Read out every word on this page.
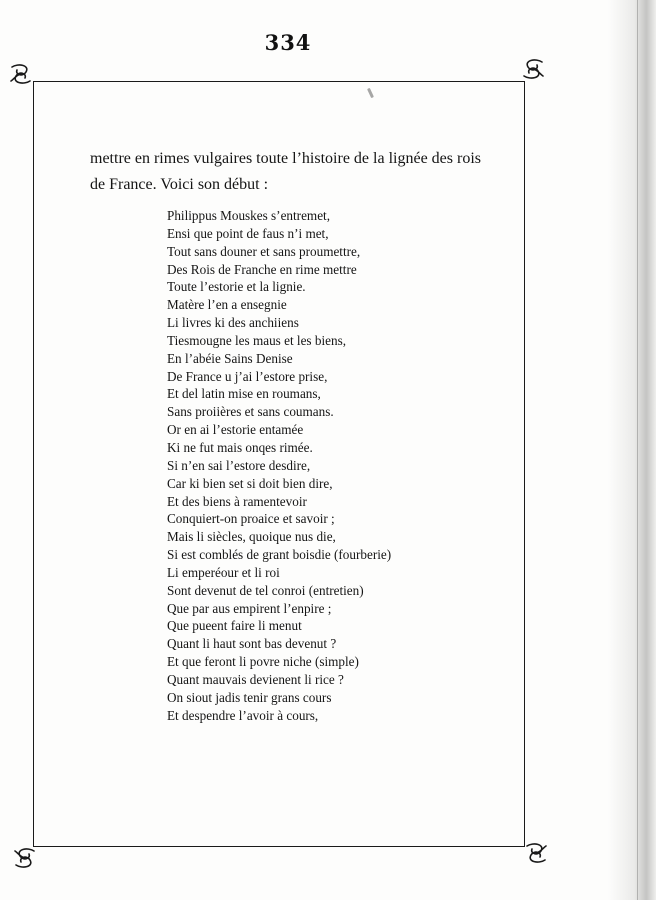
334

mettre en rimes vulgaires toute l’histoire de la lignée des rois

de France. Voici son début :

Philippus Mouskes s’entremet,
Ensi que point de faus n’i met,
Tout sans douner et sans proumettre,
Des Rois de Franche en rime mettre
Toute l’estorie et la lignie.
Matère l’en a ensegnie
Li livres ki des anchiiens
Tiesmougne les maus et les biens,
En l’abéie Sains Denise
De France u j’ai l’estore prise,
Et del latin mise en roumans,
Sans proiières et sans coumans.
Or en ai l’estorie entamée
Ki ne fut mais onqes rimée.
Si n’en sai l’estore desdire,
Car ki bien set si doit bien dire,
Et des biens à ramentevoir
Conquiert-on proaice et savoir ;
Mais li siècles, quoique nus die,
Si est comblés de grant boisdie (fourberie)
Li emperéour et li roi
Sont devenut de tel conroi (entretien)
Que par aus empirent l’enpire ;
Que pueent faire li menut
Quant li haut sont bas devenut ?
Et que feront li povre niche (simple)
Quant mauvais devienent li rice ?
On siout jadis tenir grans cours
Et despendre l’avoir à cours,
